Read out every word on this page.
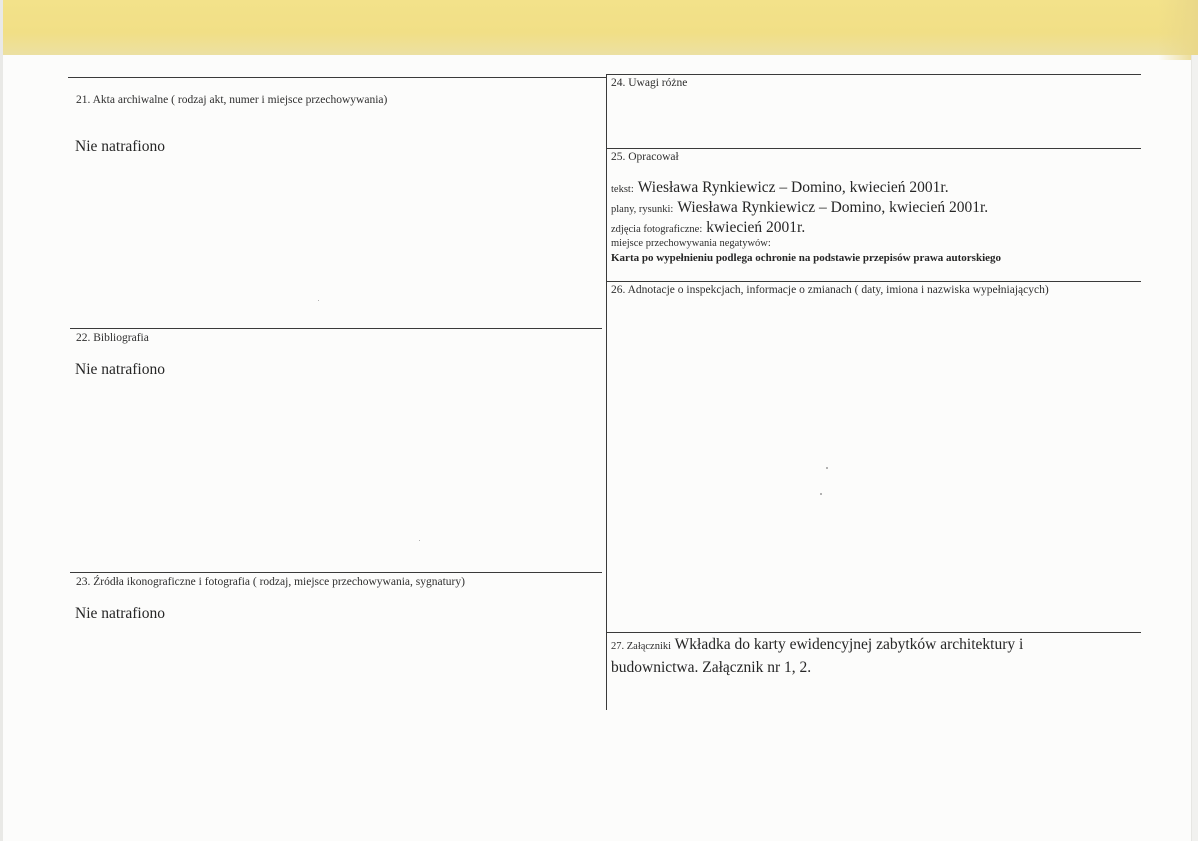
21. Akta archiwalne ( rodzaj akt, numer i miejsce przechowywania)
Nie natrafiono
22. Bibliografia
Nie natrafiono
23. Źródła ikonograficzne i fotografia ( rodzaj, miejsce przechowywania, sygnatury)
Nie natrafiono
24. Uwagi różne
25. Opracował
tekst: Wiesława Rynkiewicz – Domino, kwiecień 2001r.
plany, rysunki: Wiesława Rynkiewicz – Domino, kwiecień 2001r.
zdjęcia fotograficzne: kwiecień 2001r.
miejsce przechowywania negatywów:
Karta po wypełnieniu podlega ochronie na podstawie przepisów prawa autorskiego
26. Adnotacje o inspekcjach, informacje o zmianach ( daty, imiona i nazwiska wypełniających)
27. Załączniki Wkładka do karty ewidencyjnej zabytków architektury i
budownictwa. Załącznik nr 1, 2.
